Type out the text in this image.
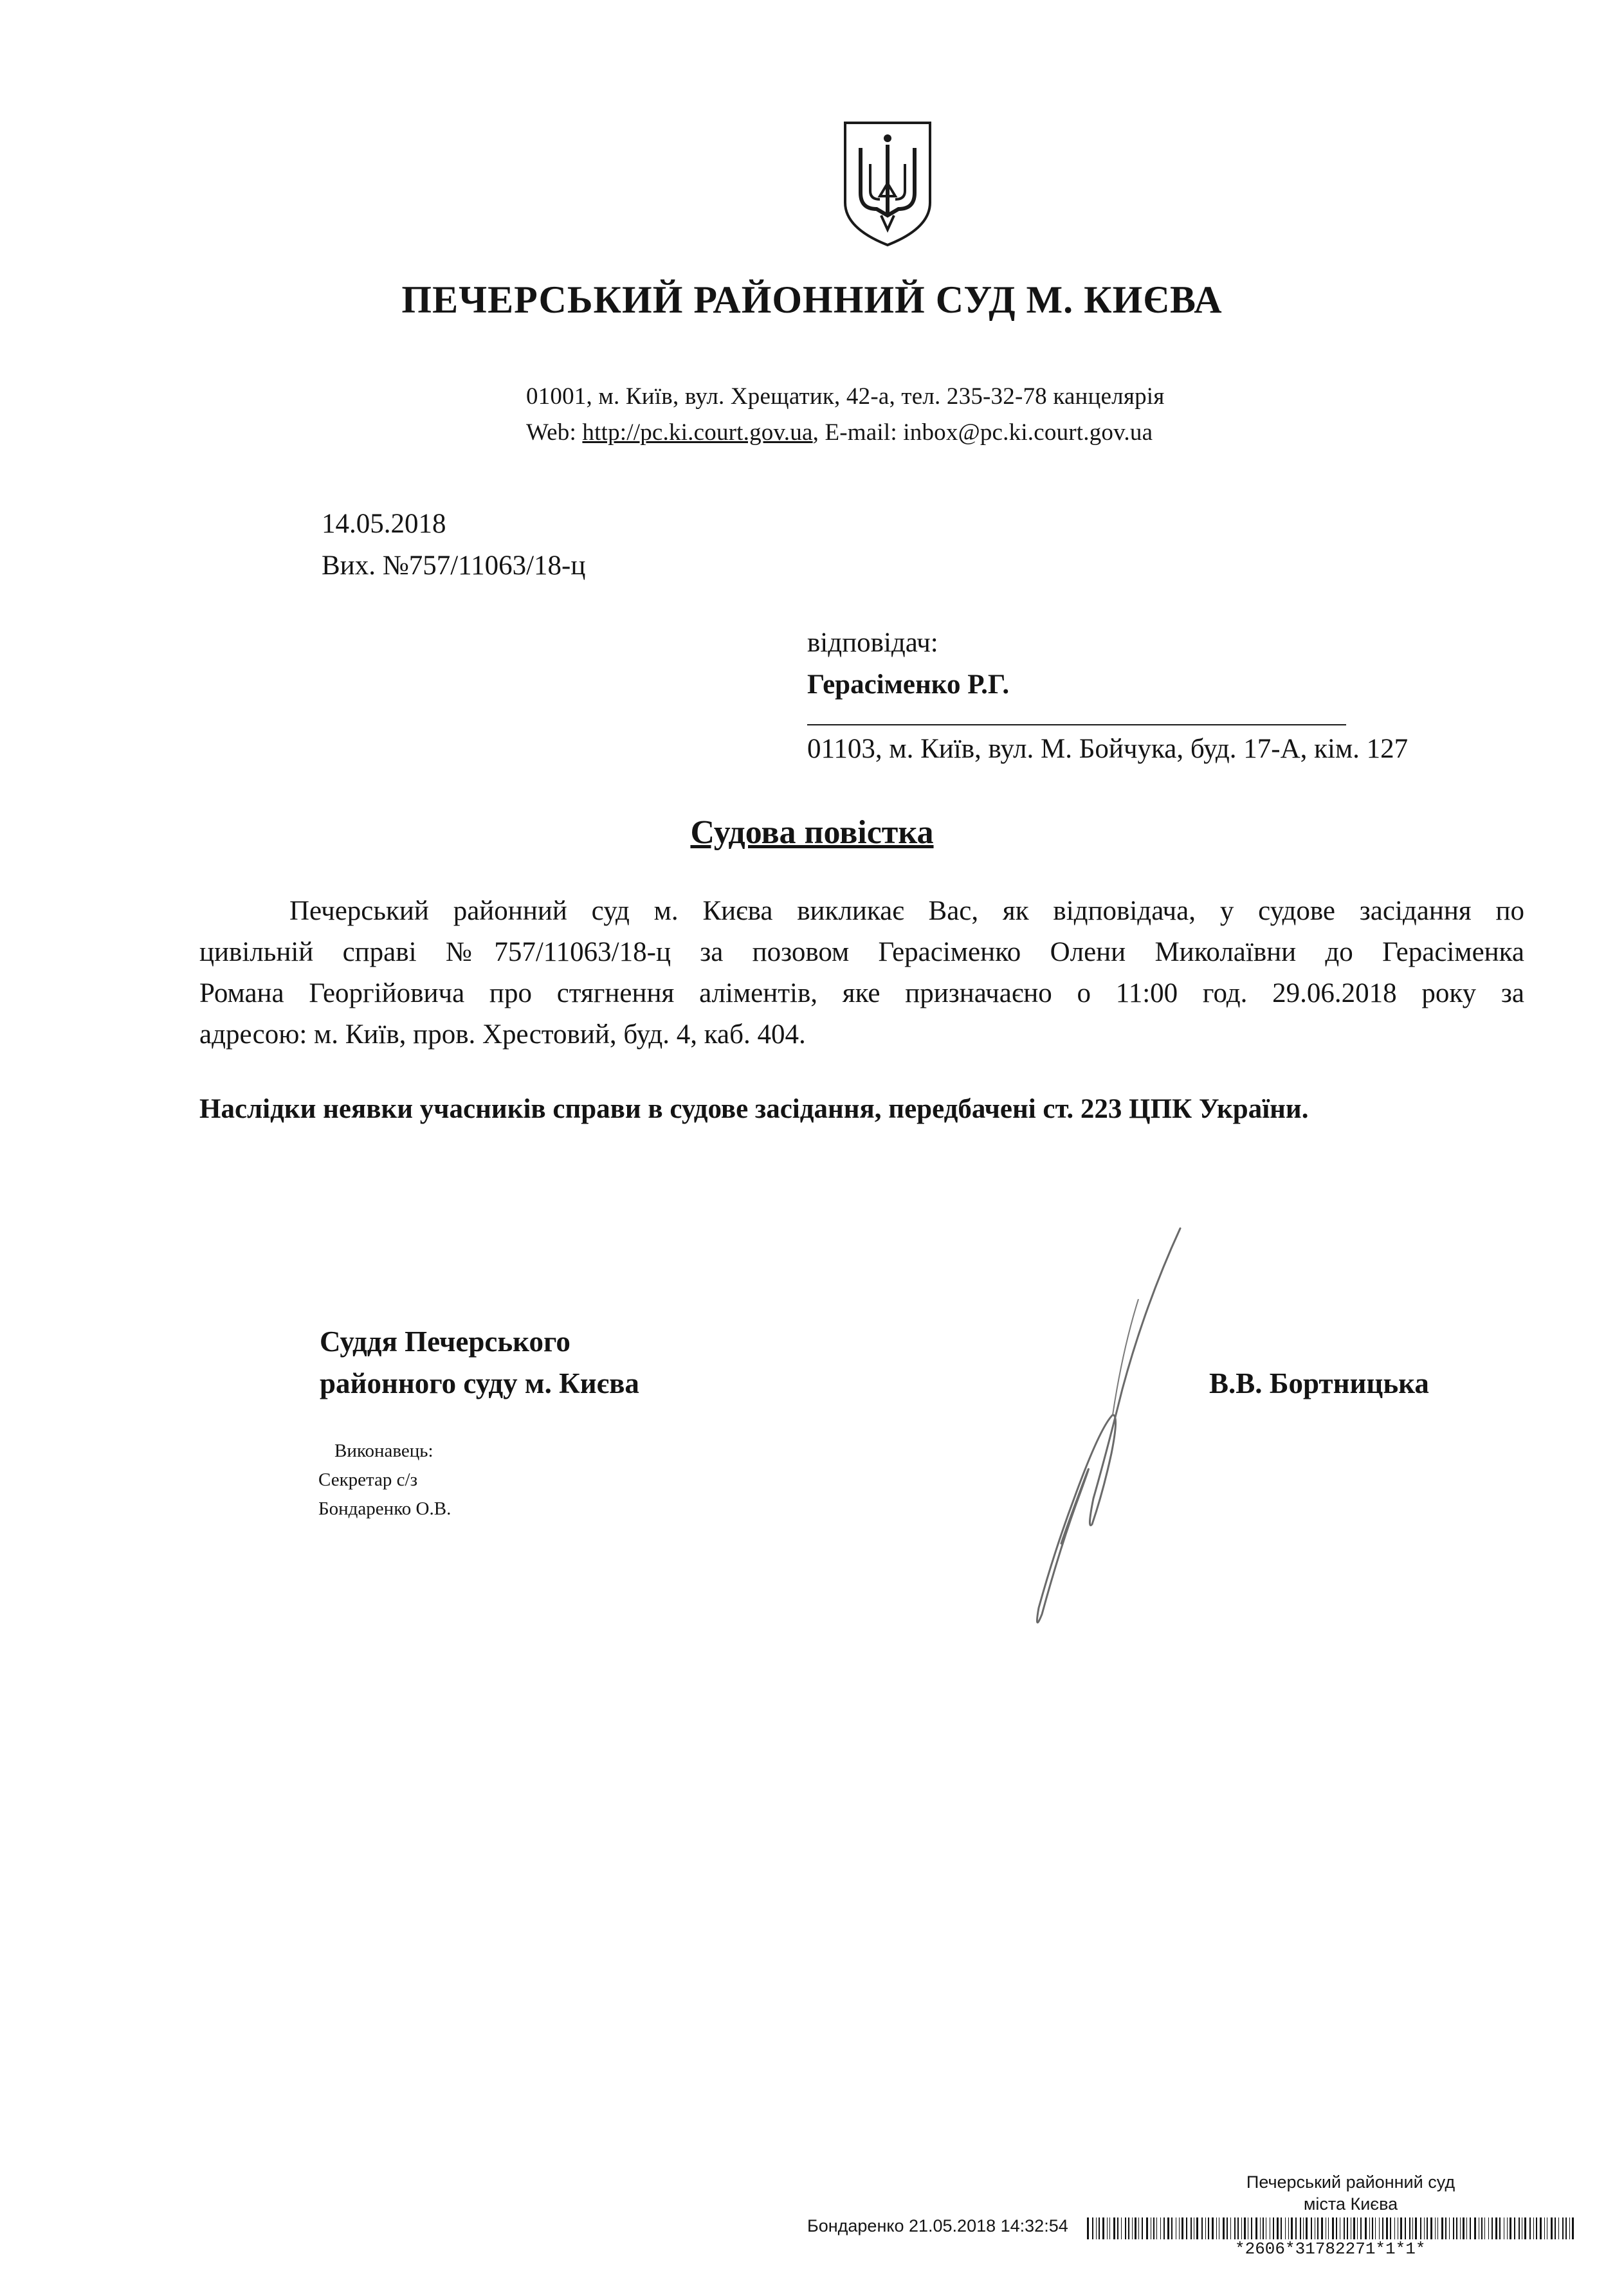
ПЕЧЕРСЬКИЙ РАЙОННИЙ СУД М. КИЄВА
01001, м. Київ, вул. Хрещатик, 42-а, тел. 235-32-78 канцелярія
Web: http://pc.ki.court.gov.ua, E-mail: inbox@pc.ki.court.gov.ua
14.05.2018
Вих. №757/11063/18-ц
відповідач:
Герасіменко Р.Г.
01103, м. Київ, вул. М. Бойчука, буд. 17-А, кім. 127
Судова повістка
Печерський районний суд м. Києва викликає Вас, як відповідача, у судове засідання по
цивільній справі №757/11063/18-ц за позовом Герасіменко Олени Миколаївни до Герасіменка
Романа Георгійовича про стягнення аліментів, яке призначаєно о 11:00 год. 29.06.2018 року за
адресою: м. Київ, пров. Хрестовий, буд. 4, каб. 404.
Наслідки неявки учасників справи в судове засідання, передбачені ст. 223 ЦПК України.
Суддя Печерського
районного суду м. Києва	В.В. Бортницька
Виконавець:
Секретар с/з
Бондаренко О.В.
Печерський районний суд
міста Києва
Бондаренко 21.05.2018 14:32:54
*2606*31782271*1*1*
